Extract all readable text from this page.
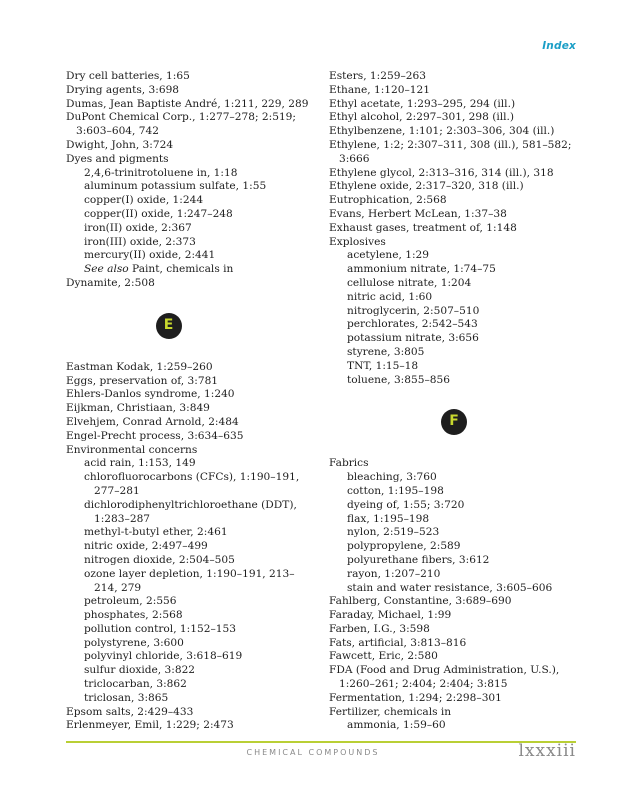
Index

Dry cell batteries, 1:65

Drying agents, 3:698

Dumas, Jean Baptiste André, 1:211, 229, 289

DuPont Chemical Corp., 1:277–278; 2:519; 3:603–604, 742

Dwight, John, 3:724

Dyes and pigments

2,4,6-trinitrotoluene in, 1:18

aluminum potassium sulfate, 1:55

copper(I) oxide, 1:244

copper(II) oxide, 1:247–248

iron(II) oxide, 2:367

iron(III) oxide, 2:373

mercury(II) oxide, 2:441

See also Paint, chemicals in

Dynamite, 2:508

E

Eastman Kodak, 1:259–260

Eggs, preservation of, 3:781

Ehlers-Danlos syndrome, 1:240

Eijkman, Christiaan, 3:849

Elvehjem, Conrad Arnold, 2:484

Engel-Precht process, 3:634–635

Environmental concerns

acid rain, 1:153, 149

chlorofluorocarbons (CFCs), 1:190–191, 277–281

dichlorodiphenyltrichloroethane (DDT), 1:283–287

methyl-t-butyl ether, 2:461

nitric oxide, 2:497–499

nitrogen dioxide, 2:504–505

ozone layer depletion, 1:190–191, 213–214, 279

petroleum, 2:556

phosphates, 2:568

pollution control, 1:152–153

polystyrene, 3:600

polyvinyl chloride, 3:618–619

sulfur dioxide, 3:822

triclocarban, 3:862

triclosan, 3:865

Epsom salts, 2:429–433

Erlenmeyer, Emil, 1:229; 2:473

Esters, 1:259–263

Ethane, 1:120–121

Ethyl acetate, 1:293–295, 294 (ill.)

Ethyl alcohol, 2:297–301, 298 (ill.)

Ethylbenzene, 1:101; 2:303–306, 304 (ill.)

Ethylene, 1:2; 2:307–311, 308 (ill.), 581–582; 3:666

Ethylene glycol, 2:313–316, 314 (ill.), 318

Ethylene oxide, 2:317–320, 318 (ill.)

Eutrophication, 2:568

Evans, Herbert McLean, 1:37–38

Exhaust gases, treatment of, 1:148

Explosives

acetylene, 1:29

ammonium nitrate, 1:74–75

cellulose nitrate, 1:204

nitric acid, 1:60

nitroglycerin, 2:507–510

perchlorates, 2:542–543

potassium nitrate, 3:656

styrene, 3:805

TNT, 1:15–18

toluene, 3:855–856

F

Fabrics

bleaching, 3:760

cotton, 1:195–198

dyeing of, 1:55; 3:720

flax, 1:195–198

nylon, 2:519–523

polypropylene, 2:589

polyurethane fibers, 3:612

rayon, 1:207–210

stain and water resistance, 3:605–606

Fahlberg, Constantine, 3:689–690

Faraday, Michael, 1:99

Farben, I.G., 3:598

Fats, artificial, 3:813–816

Fawcett, Eric, 2:580

FDA (Food and Drug Administration, U.S.), 1:260–261; 2:404; 2:404; 3:815

Fermentation, 1:294; 2:298–301

Fertilizer, chemicals in

ammonia, 1:59–60

CHEMICAL COMPOUNDS	lxxxiii
